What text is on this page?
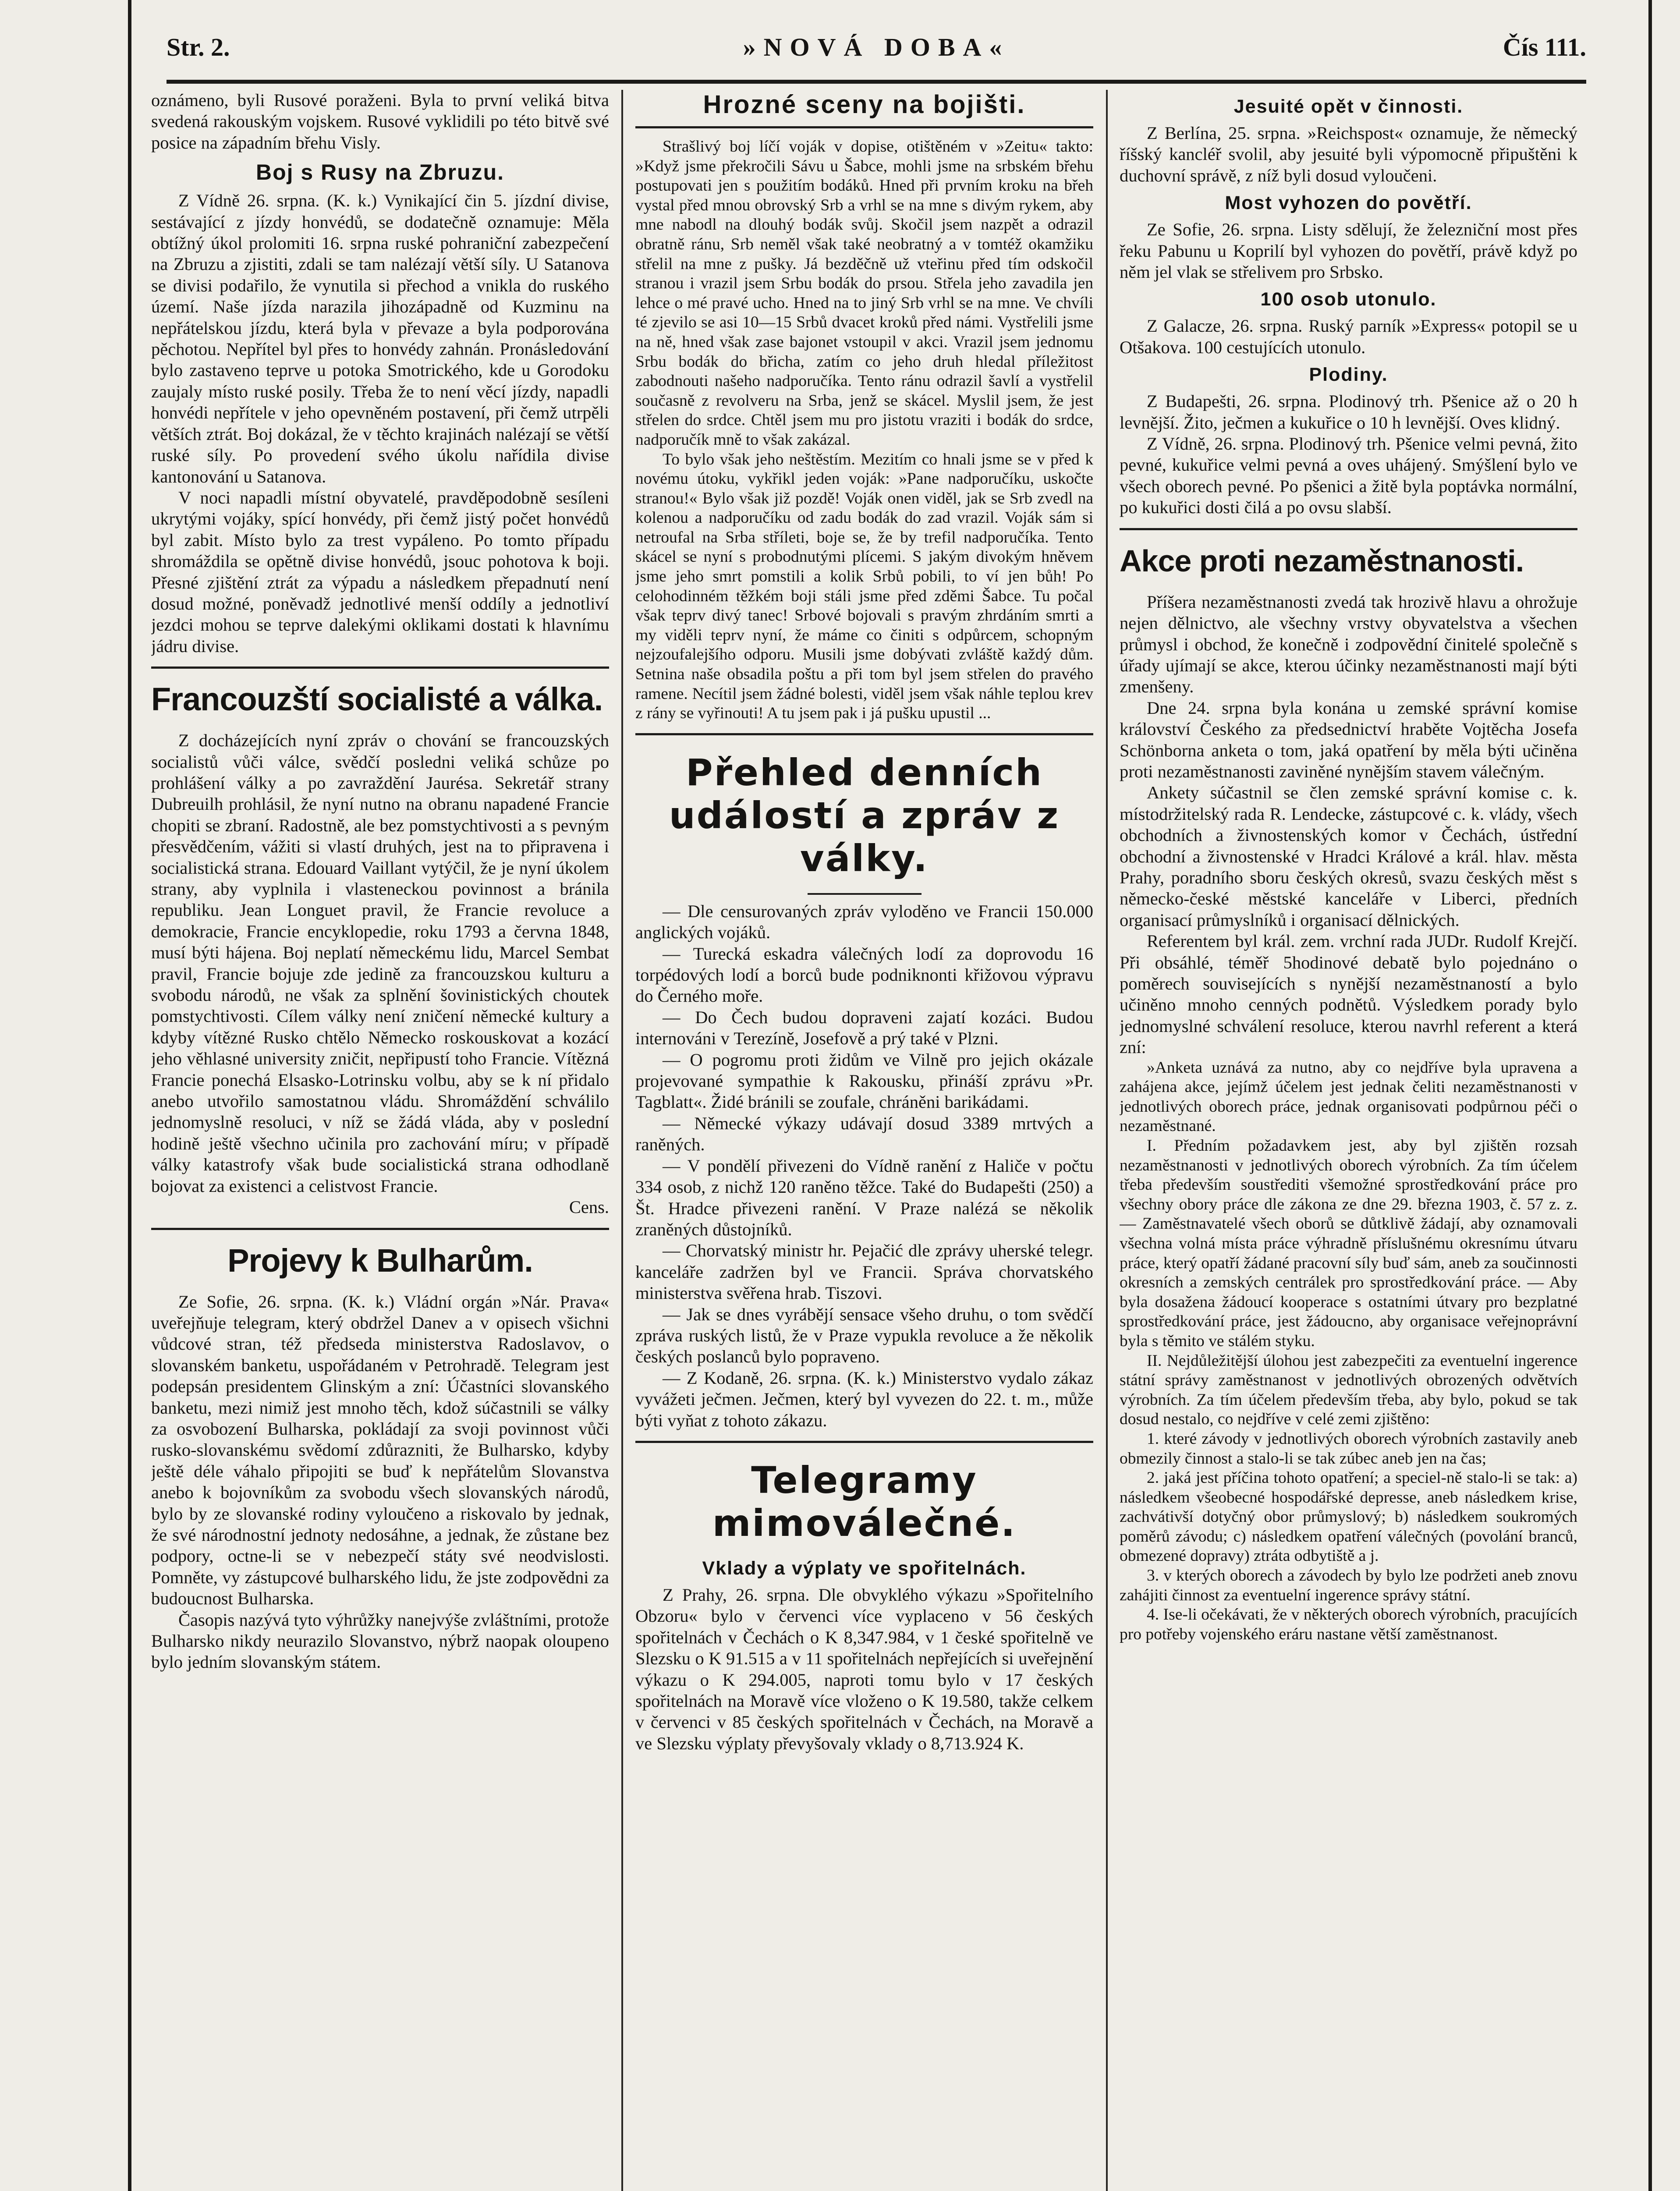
Str. 2.	»NOVÁ DOBA«	Čís 111.

oznámeno, byli Rusové poraženi. Byla to první veliká bitva svedená rakouským vojskem. Rusové vyklidili po této bitvě své posice na západním břehu Visly.

Boj s Rusy na Zbruzu.

Z Vídně 26. srpna. (K. k.) Vynikající čin 5. jízdní divise, sestávající z jízdy honvédů, se dodatečně oznamuje: Měla obtížný úkol prolomiti 16. srpna ruské pohraniční zabezpečení na Zbruzu a zjistiti, zdali se tam nalézají větší síly. U Satanova se divisi podařilo, že vynutila si přechod a vnikla do ruského území. Naše jízda narazila jihozápadně od Kuzminu na nepřátelskou jízdu, která byla v převaze a byla podporována pěchotou. Nepřítel byl přes to honvédy zahnán. Pronásledování bylo zastaveno teprve u potoka Smotrického, kde u Gorodoku zaujaly místo ruské posily. Třeba že to není věcí jízdy, napadli honvédi nepřítele v jeho opevněném postavení, při čemž utrpěli větších ztrát. Boj dokázal, že v těchto krajinách nalézají se větší ruské síly. Po provedení svého úkolu nařídila divise kantonování u Satanova.

V noci napadli místní obyvatelé, pravděpodobně sesíleni ukrytými vojáky, spící honvédy, při čemž jistý počet honvédů byl zabit. Místo bylo za trest vypáleno. Po tomto případu shromáždila se opětně divise honvédů, jsouc pohotova k boji. Přesné zjištění ztrát za výpadu a následkem přepadnutí není dosud možné, poněvadž jednotlivé menší oddíly a jednotliví jezdci mohou se teprve dalekými oklikami dostati k hlavnímu jádru divise.

Francouzští socialisté a válka.

Z docházejících nyní zpráv o chování se francouzských socialistů vůči válce, svědčí posledni veliká schůze po prohlášení války a po zavraždění Jaurésa. Sekretář strany Dubreuilh prohlásil, že nyní nutno na obranu napadené Francie chopiti se zbraní. Radostně, ale bez pomstychtivosti a s pevným přesvědčením, vážiti si vlastí druhých, jest na to připravena i socialistická strana. Edouard Vaillant vytýčil, že je nyní úkolem strany, aby vyplnila i vlasteneckou povinnost a bránila republiku. Jean Longuet pravil, že Francie revoluce a demokracie, Francie encyklopedie, roku 1793 a června 1848, musí býti hájena. Boj neplatí německému lidu, Marcel Sembat pravil, Francie bojuje zde jedině za francouzskou kulturu a svobodu národů, ne však za splnění šovinistických choutek pomstychtivosti. Cílem války není zničení německé kultury a kdyby vítězné Rusko chtělo Německo roskouskovat a kozácí jeho věhlasné university zničit, nepřipustí toho Francie. Vítězná Francie ponechá Elsasko-Lotrinsku volbu, aby se k ní přidalo anebo utvořilo samostatnou vládu. Shromáždění schválilo jednomyslně resoluci, v níž se žádá vláda, aby v poslední hodině ještě všechno učinila pro zachování míru; v případě války katastrofy však bude socialistická strana odhodlaně bojovat za existenci a celistvost Francie.

Cens.

Projevy k Bulharům.

Ze Sofie, 26. srpna. (K. k.) Vládní orgán »Nár. Prava« uveřejňuje telegram, který obdržel Danev a v opisech všichni vůdcové stran, též předseda ministerstva Radoslavov, o slovanském banketu, uspořádaném v Petrohradě. Telegram jest podepsán presidentem Glinským a zní: Účastníci slovanského banketu, mezi nimiž jest mnoho těch, kdož súčastnili se války za osvobození Bulharska, pokládají za svoji povinnost vůči rusko-slovanskému svědomí zdůrazniti, že Bulharsko, kdyby ještě déle váhalo připojiti se buď k nepřátelům Slovanstva anebo k bojovníkům za svobodu všech slovanských národů, bylo by ze slovanské rodiny vyloučeno a riskovalo by jednak, že své národnostní jednoty nedosáhne, a jednak, že zůstane bez podpory, octne-li se v nebezpečí státy své neodvislosti. Pomněte, vy zástupcové bulharského lidu, že jste zodpovědni za budoucnost Bulharska.

Časopis nazývá tyto výhrůžky nanejvýše zvláštními, protože Bulharsko nikdy neurazilo Slovanstvo, nýbrž naopak oloupeno bylo jedním slovanským státem.

Hrozné sceny na bojišti.

Strašlivý boj líčí voják v dopise, otištěném v »Zeitu« takto: »Když jsme překročili Sávu u Šabce, mohli jsme na srbském břehu postupovati jen s použitím bodáků. Hned při prvním kroku na břeh vystal před mnou obrovský Srb a vrhl se na mne s divým rykem, aby mne nabodl na dlouhý bodák svůj. Skočil jsem nazpět a odrazil obratně ránu, Srb neměl však také neobratný a v tomtéž okamžiku střelil na mne z pušky. Já bezděčně už vteřinu před tím odskočil stranou i vrazil jsem Srbu bodák do prsou. Střela jeho zavadila jen lehce o mé pravé ucho. Hned na to jiný Srb vrhl se na mne. Ve chvíli té zjevilo se asi 10—15 Srbů dvacet kroků před námi. Vystřelili jsme na ně, hned však zase bajonet vstoupil v akci. Vrazil jsem jednomu Srbu bodák do břicha, zatím co jeho druh hledal příležitost zabodnouti našeho nadporučíka. Tento ránu odrazil šavlí a vystřelil současně z revolveru na Srba, jenž se skácel. Myslil jsem, že jest střelen do srdce. Chtěl jsem mu pro jistotu vraziti i bodák do srdce, nadporučík mně to však zakázal.

To bylo však jeho neštěstím. Mezitím co hnali jsme se v před k novému útoku, vykřikl jeden voják: »Pane nadporučíku, uskočte stranou!« Bylo však již pozdě! Voják onen viděl, jak se Srb zvedl na kolenou a nadporučíku od zadu bodák do zad vrazil. Voják sám si netroufal na Srba stříleti, boje se, že by trefil nadporučíka. Tento skácel se nyní s probodnutými plícemi. S jakým divokým hněvem jsme jeho smrt pomstili a kolik Srbů pobili, to ví jen bůh! Po celohodinném těžkém boji stáli jsme před zděmi Šabce. Tu počal však teprv divý tanec! Srbové bojovali s pravým zhrdáním smrti a my viděli teprv nyní, že máme co činiti s odpůrcem, schopným nejzoufalejšího odporu. Musili jsme dobývati zvláště každý dům. Setnina naše obsadila poštu a při tom byl jsem střelen do pravého ramene. Necítil jsem žádné bolesti, viděl jsem však náhle teplou krev z rány se vyřinouti! A tu jsem pak i já pušku upustil ...

Přehled denních událostí a zpráv z války.

— Dle censurovaných zpráv vyloděno ve Francii 150.000 anglických vojáků.

— Turecká eskadra válečných lodí za doprovodu 16 torpédových lodí a borců bude podniknonti křižovou výpravu do Černého moře.

— Do Čech budou dopraveni zajatí kozáci. Budou internováni v Terezíně, Josefově a prý také v Plzni.

— O pogromu proti židům ve Vilně pro jejich okázale projevované sympathie k Rakousku, přináší zprávu »Pr. Tagblatt«. Židé bránili se zoufale, chráněni barikádami.

— Německé výkazy udávají dosud 3389 mrtvých a raněných.

— V pondělí přivezeni do Vídně ranění z Haliče v počtu 334 osob, z nichž 120 raněno těžce. Také do Budapešti (250) a Št. Hradce přivezeni ranění. V Praze nalézá se několik zraněných důstojníků.

— Chorvatský ministr hr. Pejačić dle zprávy uherské telegr. kanceláře zadržen byl ve Francii. Správa chorvatského ministerstva svěřena hrab. Tiszovi.

— Jak se dnes vyrábějí sensace všeho druhu, o tom svědčí zpráva ruských listů, že v Praze vypukla revoluce a že několik českých poslanců bylo popraveno.

— Z Kodaně, 26. srpna. (K. k.) Ministerstvo vydalo zákaz vyvážeti ječmen. Ječmen, který byl vyvezen do 22. t. m., může býti vyňat z tohoto zákazu.

Telegramy mimoválečné.
Vklady a výplaty ve spořitelnách.

Z Prahy, 26. srpna. Dle obvyklého výkazu »Spořitelního Obzoru« bylo v červenci více vyplaceno v 56 českých spořitelnách v Čechách o K 8,347.984, v 1 české spořitelně ve Slezsku o K 91.515 a v 11 spořitelnách nepřejících si uveřejnění výkazu o K 294.005, naproti tomu bylo v 17 českých spořitelnách na Moravě více vloženo o K 19.580, takže celkem v červenci v 85 českých spořitelnách v Čechách, na Moravě a ve Slezsku výplaty převyšovaly vklady o 8,713.924 K.

Jesuité opět v činnosti.

Z Berlína, 25. srpna. »Reichspost« oznamuje, že německý říšský kancléř svolil, aby jesuité byli výpomocně připuštěni k duchovní správě, z níž byli dosud vyloučeni.

Most vyhozen do povětří.

Ze Sofie, 26. srpna. Listy sdělují, že železniční most přes řeku Pabunu u Koprilí byl vyhozen do povětří, právě když po něm jel vlak se střelivem pro Srbsko.

100 osob utonulo.

Z Galacze, 26. srpna. Ruský parník »Express« potopil se u Otšakova. 100 cestujících utonulo.

Plodiny.

Z Budapešti, 26. srpna. Plodinový trh. Pšenice až o 20 h levnější. Žito, ječmen a kukuřice o 10 h levnější. Oves klidný.

Z Vídně, 26. srpna. Plodinový trh. Pšenice velmi pevná, žito pevné, kukuřice velmi pevná a oves uhájený. Smýšlení bylo ve všech oborech pevné. Po pšenici a žitě byla poptávka normální, po kukuřici dosti čilá a po ovsu slabší.

Akce proti nezaměstnanosti.

Příšera nezaměstnanosti zvedá tak hrozivě hlavu a ohrožuje nejen dělnictvo, ale všechny vrstvy obyvatelstva a všechen průmysl i obchod, že konečně i zodpovědní činitelé společně s úřady ujímají se akce, kterou účinky nezaměstnanosti mají býti zmenšeny.

Dne 24. srpna byla konána u zemské správní komise království Českého za předsednictví hraběte Vojtěcha Josefa Schönborna anketa o tom, jaká opatření by měla býti učiněna proti nezaměstnanosti zaviněné nynějším stavem válečným.

Ankety súčastnil se člen zemské správní komise c. k. místodržitelský rada R. Lendecke, zástupcové c. k. vlády, všech obchodních a živnostenských komor v Čechách, ústřední obchodní a živnostenské v Hradci Králové a král. hlav. města Prahy, poradního sboru českých okresů, svazu českých měst s německo-české městské kanceláře v Liberci, předních organisací průmyslníků i organisací dělnických.

Referentem byl král. zem. vrchní rada JUDr. Rudolf Krejčí. Při obsáhlé, téměř 5hodinové debatě bylo pojednáno o poměrech souvisejících s nynější nezaměstnaností a bylo učiněno mnoho cenných podnětů. Výsledkem porady bylo jednomyslné schválení resoluce, kterou navrhl referent a která zní:

»Anketa uznává za nutno, aby co nejdříve byla upravena a zahájena akce, jejímž účelem jest jednak čeliti nezaměstnanosti v jednotlivých oborech práce, jednak organisovati podpůrnou péči o nezaměstnané.

I. Předním požadavkem jest, aby byl zjištěn rozsah nezaměstnanosti v jednotlivých oborech výrobních. Za tím účelem třeba především soustřediti všemožné sprostředkování práce pro všechny obory práce dle zákona ze dne 29. března 1903, č. 57 z. z. — Zaměstnavatelé všech oborů se důtklivě žádají, aby oznamovali všechna volná místa práce výhradně příslušnému okresnímu útvaru práce, který opatří žádané pracovní síly buď sám, aneb za součinnosti okresních a zemských centrálek pro sprostředkování práce. — Aby byla dosažena žádoucí kooperace s ostatními útvary pro bezplatné sprostředkování práce, jest žádoucno, aby organisace veřejnoprávní byla s těmito ve stálém styku.

II. Nejdůležitější úlohou jest zabezpečiti za eventuelní ingerence státní správy zaměstnanost v jednotlivých obrozených odvětvích výrobních. Za tím účelem především třeba, aby bylo, pokud se tak dosud nestalo, co nejdříve v celé zemi zjištěno:

1. které závody v jednotlivých oborech výrobních zastavily aneb obmezily činnost a stalo-li se tak zúbec aneb jen na čas;

2. jaká jest příčina tohoto opatření; a speciel-ně stalo-li se tak: a) následkem všeobecné hospodářské depresse, aneb následkem krise, zachvátivší dotyčný obor průmyslový; b) následkem soukromých poměrů závodu; c) následkem opatření válečných (povolání branců, obmezené dopravy) ztráta odbytiště a j.

3. v kterých oborech a závodech by bylo lze podržeti aneb znovu zahájiti činnost za eventuelní ingerence správy státní.

4. Ise-li očekávati, že v některých oborech výrobních, pracujících pro potřeby vojenského eráru nastane větší zaměstnanost.
